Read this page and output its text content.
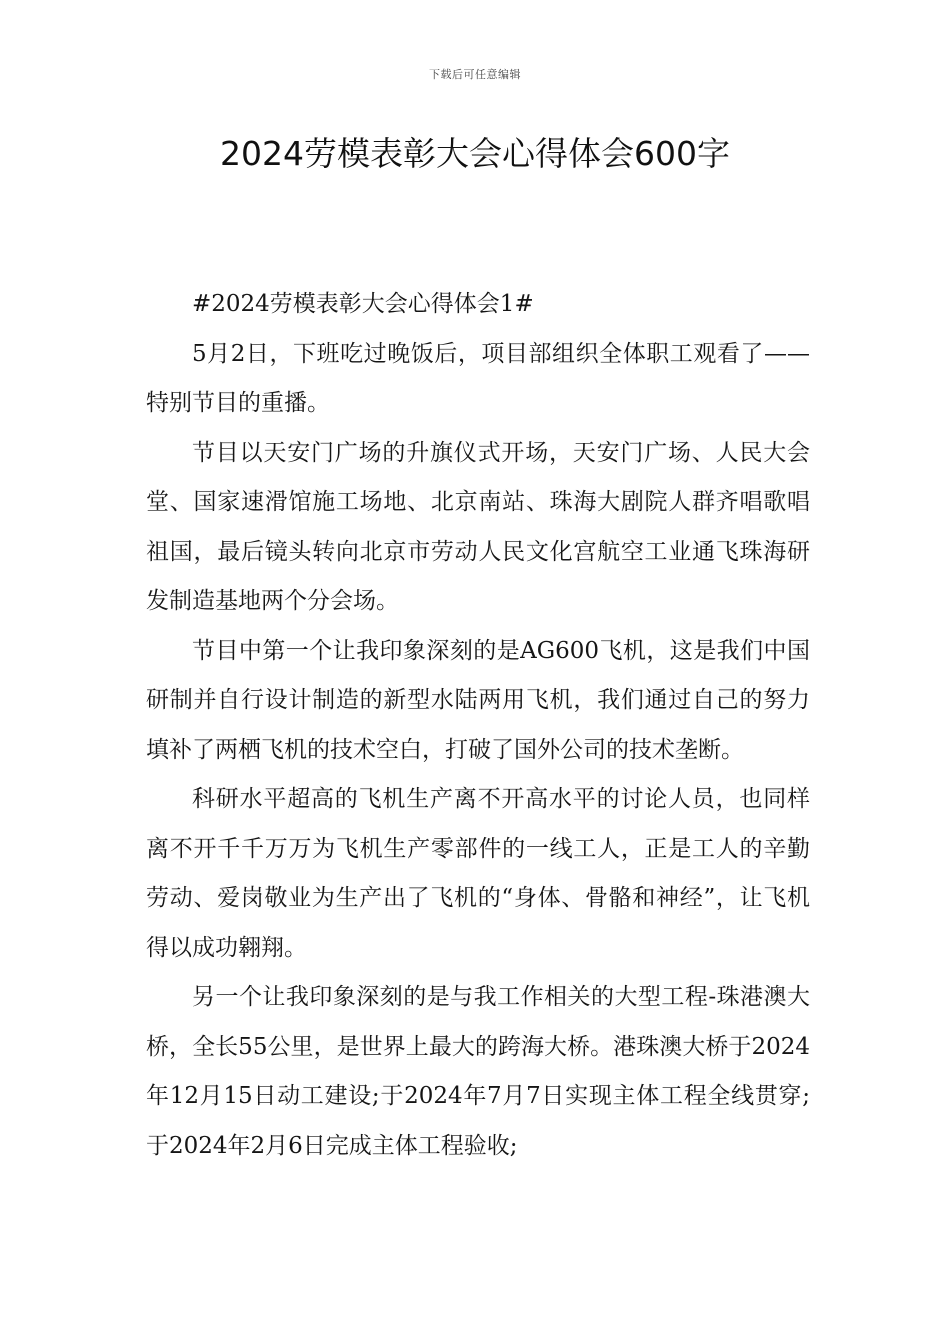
下载后可任意编辑
2024劳模表彰大会心得体会600字

#2024劳模表彰大会心得体会1#

5月2日，下班吃过晚饭后，项目部组织全体职工观看了——特别节目的重播。

节目以天安门广场的升旗仪式开场，天安门广场、人民大会堂、国家速滑馆施工场地、北京南站、珠海大剧院人群齐唱歌唱祖国，最后镜头转向北京市劳动人民文化宫航空工业通飞珠海研发制造基地两个分会场。

节目中第一个让我印象深刻的是AG600飞机，这是我们中国研制并自行设计制造的新型水陆两用飞机，我们通过自己的努力填补了两栖飞机的技术空白，打破了国外公司的技术垄断。

科研水平超高的飞机生产离不开高水平的讨论人员，也同样离不开千千万万为飞机生产零部件的一线工人，正是工人的辛勤劳动、爱岗敬业为生产出了飞机的“身体、骨骼和神经”，让飞机得以成功翱翔。

另一个让我印象深刻的是与我工作相关的大型工程-珠港澳大桥，全长55公里，是世界上最大的跨海大桥。港珠澳大桥于2024年12月15日动工建设;于2024年7月7日实现主体工程全线贯穿;于2024年2月6日完成主体工程验收;
